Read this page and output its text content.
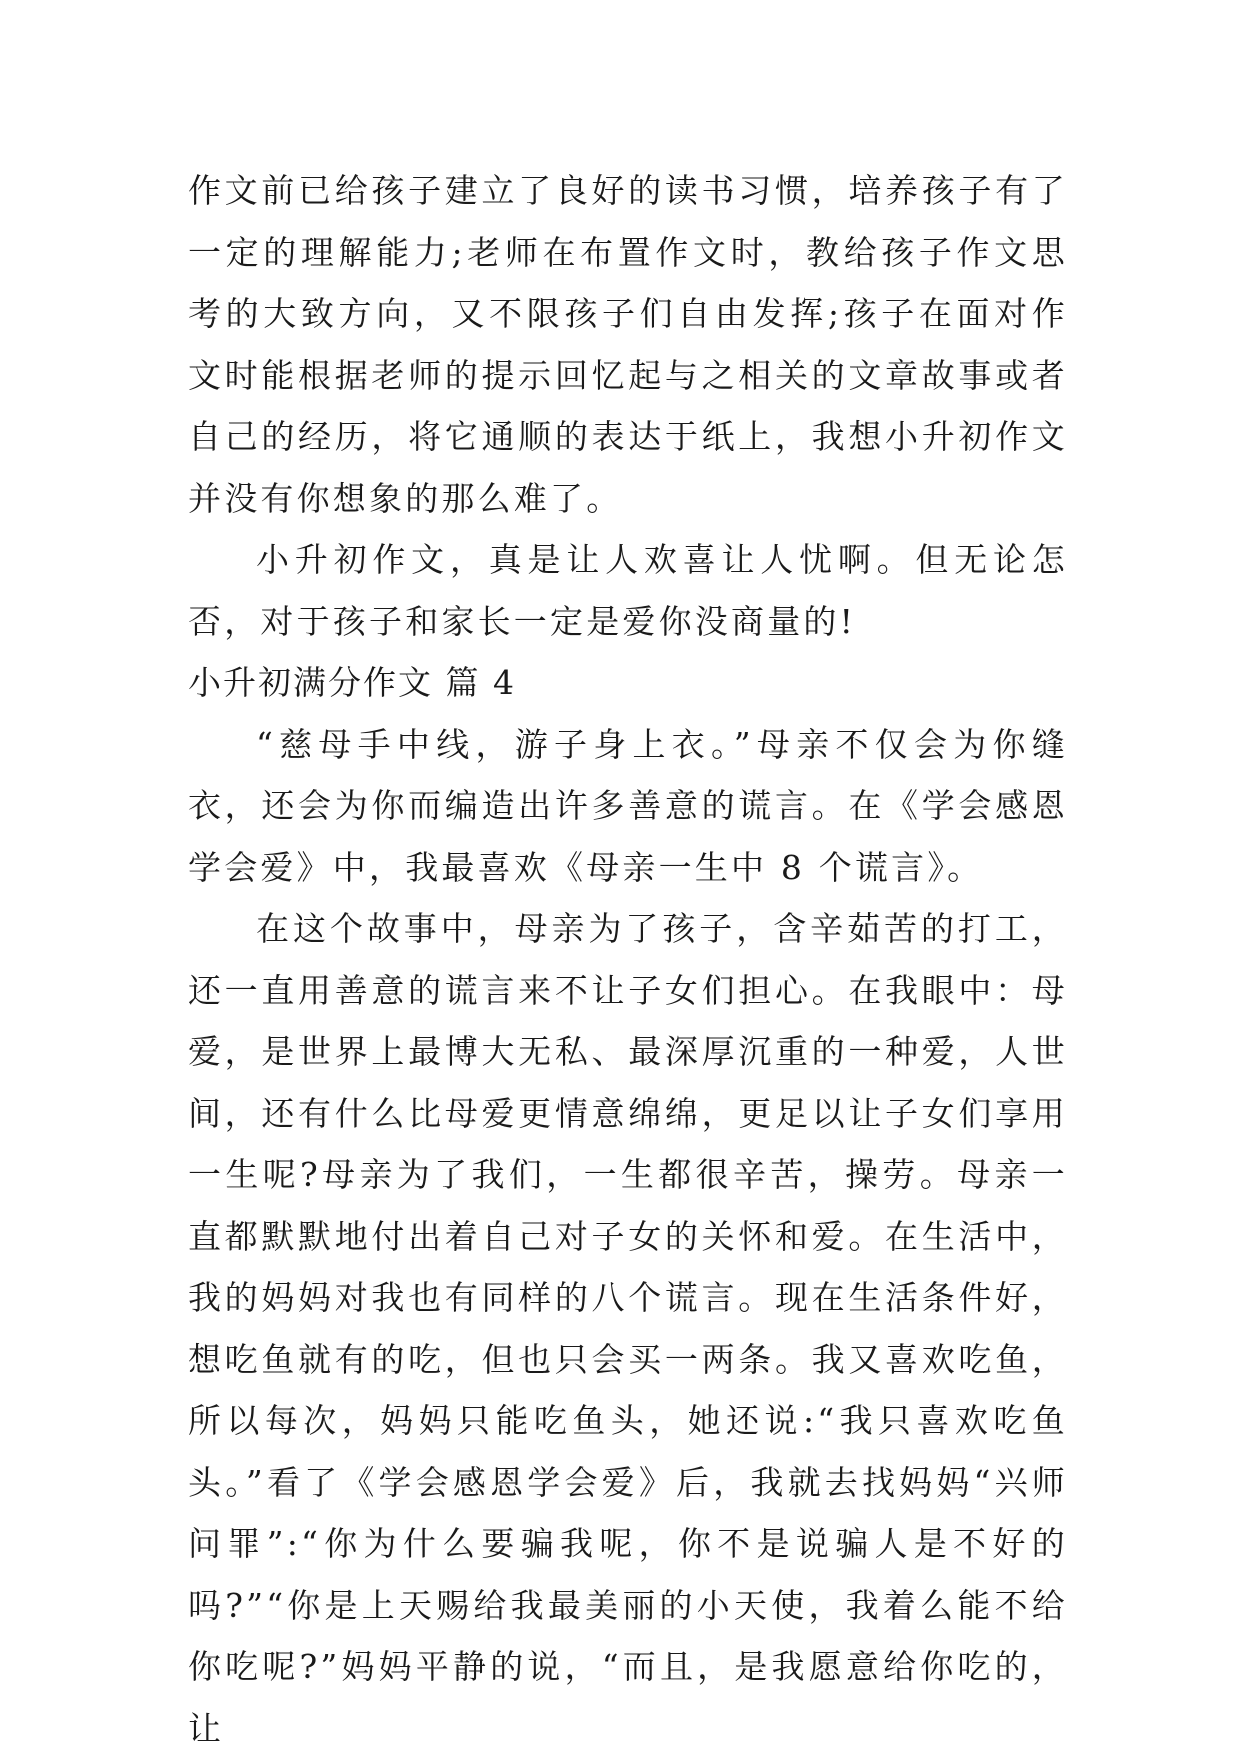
作文前已给孩子建立了良好的读书习惯，培养孩子有了一定的理解能力;老师在布置作文时，教给孩子作文思考的大致方向，又不限孩子们自由发挥;孩子在面对作文时能根据老师的提示回忆起与之相关的文章故事或者自己的经历，将它通顺的表达于纸上，我想小升初作文并没有你想象的那么难了。

小升初作文，真是让人欢喜让人忧啊。但无论怎否，对于孩子和家长一定是爱你没商量的!

小升初满分作文 篇 4

“慈母手中线，游子身上衣。”母亲不仅会为你缝衣，还会为你而编造出许多善意的谎言。在《学会感恩学会爱》中，我最喜欢《母亲一生中 8 个谎言》。

在这个故事中，母亲为了孩子，含辛茹苦的打工，还一直用善意的谎言来不让子女们担心。在我眼中：母爱，是世界上最博大无私、最深厚沉重的一种爱，人世间，还有什么比母爱更情意绵绵，更足以让子女们享用一生呢?母亲为了我们，一生都很辛苦，操劳。母亲一直都默默地付出着自己对子女的关怀和爱。在生活中，我的妈妈对我也有同样的八个谎言。现在生活条件好，想吃鱼就有的吃，但也只会买一两条。我又喜欢吃鱼，所以每次，妈妈只能吃鱼头，她还说:“我只喜欢吃鱼头。”看了《学会感恩学会爱》后，我就去找妈妈“兴师问罪”:“你为什么要骗我呢，你不是说骗人是不好的吗?”“你是上天赐给我最美丽的小天使，我着么能不给你吃呢?”妈妈平静的说，“而且，是我愿意给你吃的，让
